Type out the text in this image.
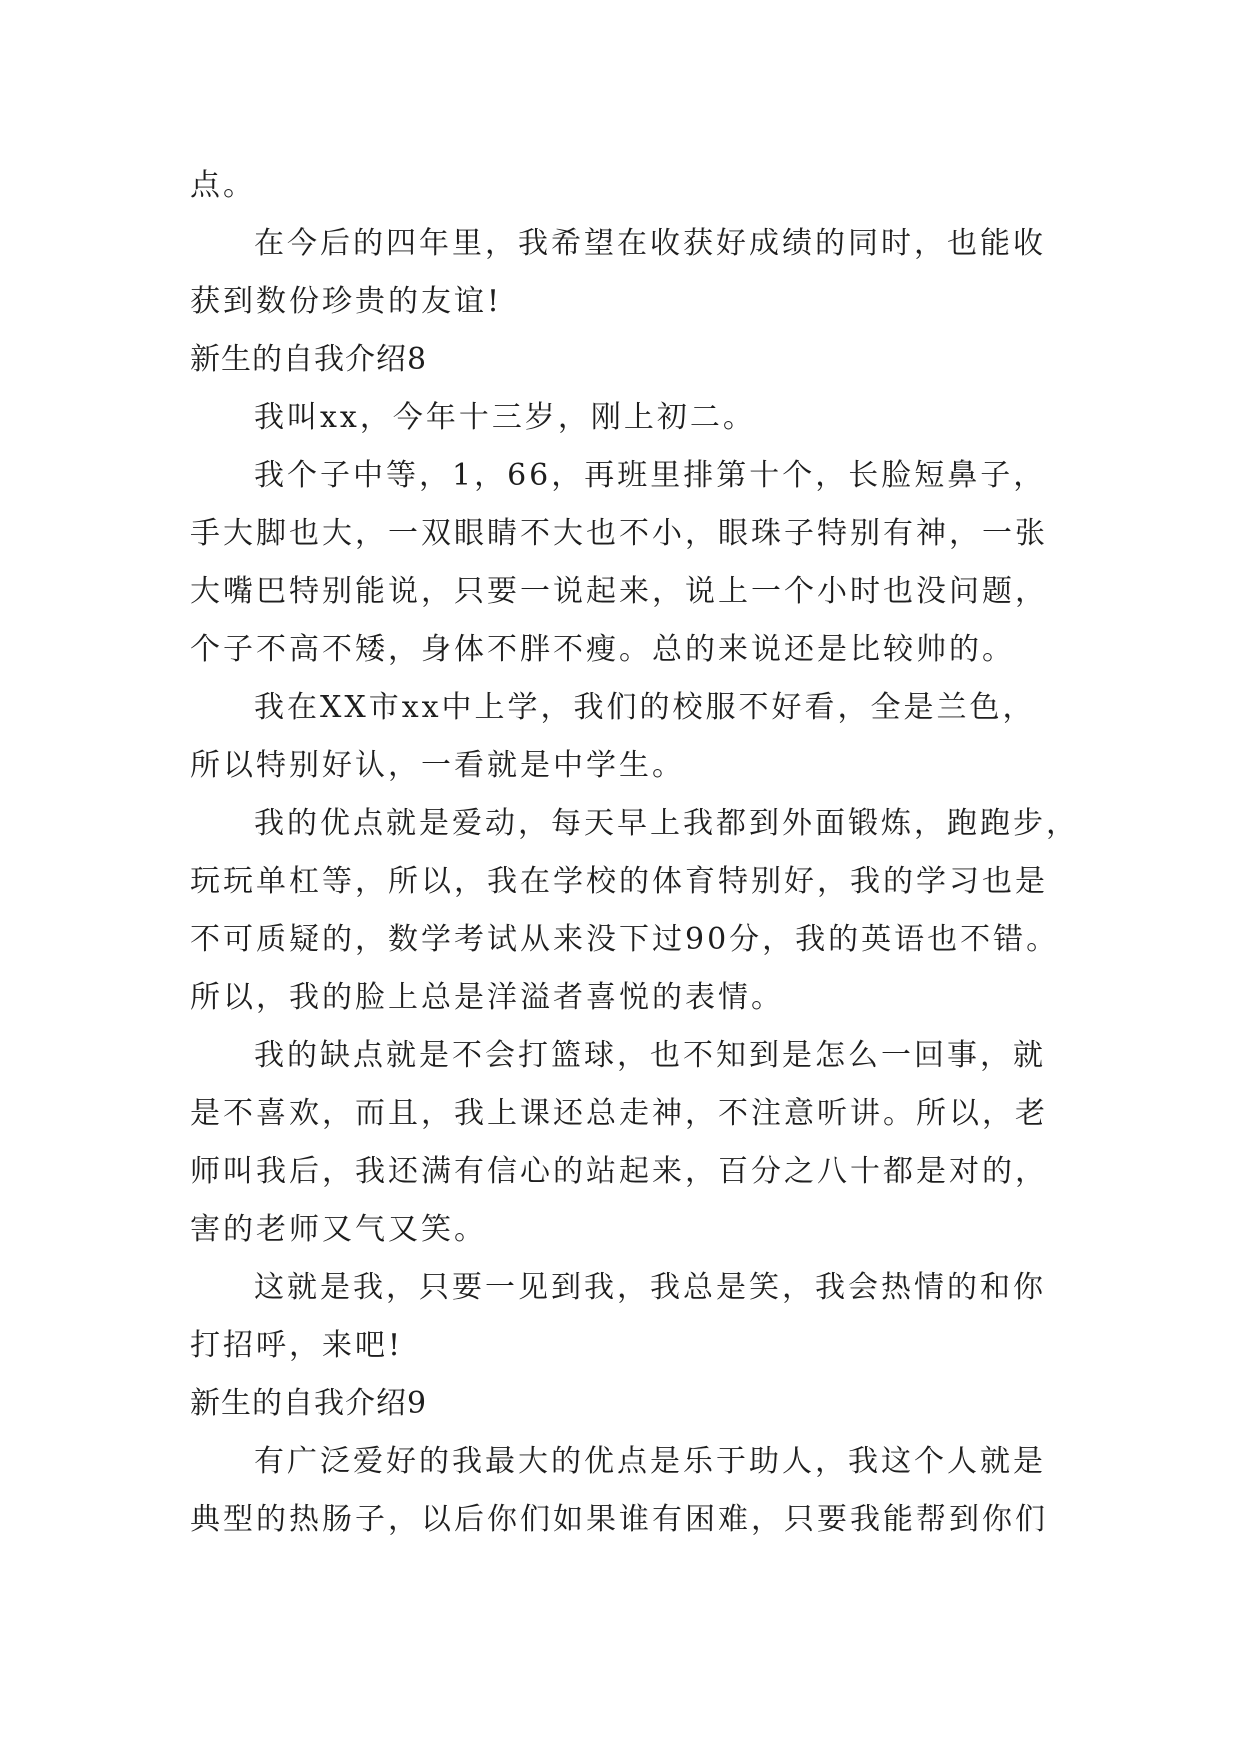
点。

在今后的四年里，我希望在收获好成绩的同时，也能收

获到数份珍贵的友谊!

新生的自我介绍8

我叫xx，今年十三岁，刚上初二。

我个子中等，1，66，再班里排第十个，长脸短鼻子，

手大脚也大，一双眼睛不大也不小，眼珠子特别有神，一张

大嘴巴特别能说，只要一说起来，说上一个小时也没问题，

个子不高不矮，身体不胖不瘦。总的来说还是比较帅的。

我在XX市xx中上学，我们的校服不好看，全是兰色，

所以特别好认，一看就是中学生。

我的优点就是爱动，每天早上我都到外面锻炼，跑跑步，

玩玩单杠等，所以，我在学校的体育特别好，我的学习也是

不可质疑的，数学考试从来没下过90分，我的英语也不错。

所以，我的脸上总是洋溢者喜悦的表情。

我的缺点就是不会打篮球，也不知到是怎么一回事，就

是不喜欢，而且，我上课还总走神，不注意听讲。所以，老

师叫我后，我还满有信心的站起来，百分之八十都是对的，

害的老师又气又笑。

这就是我，只要一见到我，我总是笑，我会热情的和你

打招呼，来吧!

新生的自我介绍9

有广泛爱好的我最大的优点是乐于助人，我这个人就是

典型的热肠子，以后你们如果谁有困难，只要我能帮到你们
